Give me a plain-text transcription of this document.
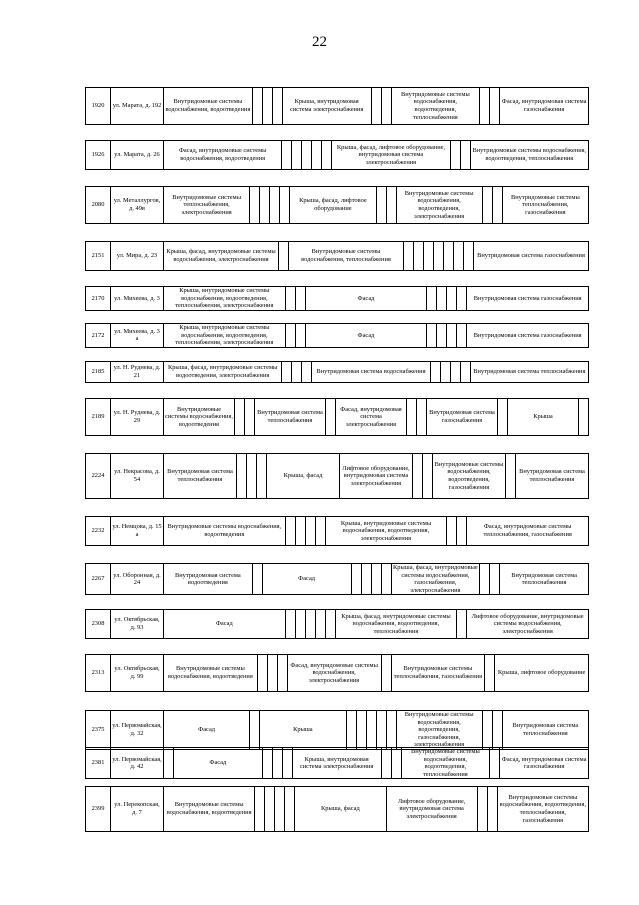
22
1920	ул. Марата, д. 192	Внутридомовые системы водоснабжения, водоотведения				Крыша, внутридомовая система электроснабжения			Внутридомовые системы водоснабжения, водоотведения, теплоснабжения			Фасад, внутридомовая система газоснабжения
1926	ул. Марата, д. 26	Фасад, внутридомовые системы водоснабжения, водоотведения						Крыша, фасад, лифтовое оборудование, внутридомовая система электроснабжения			Внутридомовые системы водоснабжения, водоотведения, теплоснабжения
2080	ул. Металлургов, д. 49в	Внутридомовые системы теплоснабжения, электроснабжения					Крыша, фасад, лифтовое оборудование			Внутридомовые системы водоснабжения, водоотведения, электроснабжения			Внутридомовые системы теплоснабжения, газоснабжения
2151	ул. Мира, д. 23	Крыша, фасад, внутридомовые системы водоснабжения, электроснабжения		Внутридомовые системы водоснабжения, теплоснабжения								Внутридомовая система газоснабжения
2170	ул. Михеева, д. 3	Крыша, внутридомовые системы водоснабжения, водоотведения, теплоснабжения, электроснабжения			Фасад					Внутридомовая система газоснабжения
2172	ул. Михеева, д. 3 а	Крыша, внутридомовые системы водоснабжения, водоотведения, теплоснабжения, электроснабжения			Фасад					Внутридомовая система газоснабжения
2185	ул. Н. Руднева, д. 21	Крыша, фасад, внутридомовые системы водоотведения, электроснабжения				Внутридомовая система водоснабжения					Внутридомовая система теплоснабжения
2189	ул. Н. Руднева, д. 29	Внутридомовые системы водоснабжения, водоотведения			Внутридомовая система теплоснабжения		Фасад, внутридомовая система электроснабжения			Внутридомовая система газоснабжения		Крыша	
2224	ул. Некрасова, д. 54	Внутридомовая система теплоснабжения				Крыша, фасад	Лифтовое оборудование, внутридомовая система электроснабжения			Внутридомовые системы водоснабжения, водоотведения, газоснабжения		Внутридомовая система теплоснабжения
2232	ул. Немцова, д. 15 а	Внутридомовые системы водоснабжения, водоотведения					Крыша, внутридомовые системы водоснабжения, водоотведения, электроснабжения			Фасад, внутридомовые системы теплоснабжения, газоснабжения
2267	ул. Оборонная, д. 24	Внутридомовая система водоотведения		Фасад					Крыша, фасад, внутридомовые системы водоснабжения, газоснабжения, электроснабжения			Внутридомовая система теплоснабжения
2308	ул. Октябрьская, д. 93	Фасад						Крыша, фасад, внутридомовые системы водоснабжения, водоотведения, теплоснабжения		Лифтовое оборудование, внутридомовые системы водоснабжения, электроснабжения
2313	ул. Октябрьская, д. 99	Внутридомовые системы водоснабжения, водоотведения				Фасад, внутридомовые системы водоснабжения, электроснабжения		Внутридомовые системы теплоснабжения, газоснабжения		Крыша, лифтовое оборудование
2375	ул. Первомайская, д. 32	Фасад		Крыша						Внутридомовые системы водоснабжения, водоотведения, газоснабжения, электроснабжения			Внутридомовая система теплоснабжения
2381	ул. Первомайская, д. 42		Фасад				Крыша, внутридомовая система электроснабжения			Внутридомовые системы водоснабжения, водоотведения, теплоснабжения		Фасад, внутридомовая система газоснабжения
2399	ул. Перекопская, д. 7	Внутридомовые системы водоснабжения, водоотведения					Крыша, фасад	Лифтовое оборудование, внутридомовая система электроснабжения			Внутридомовые системы водоснабжения, водоотведения, теплоснабжения, газоснабжения
